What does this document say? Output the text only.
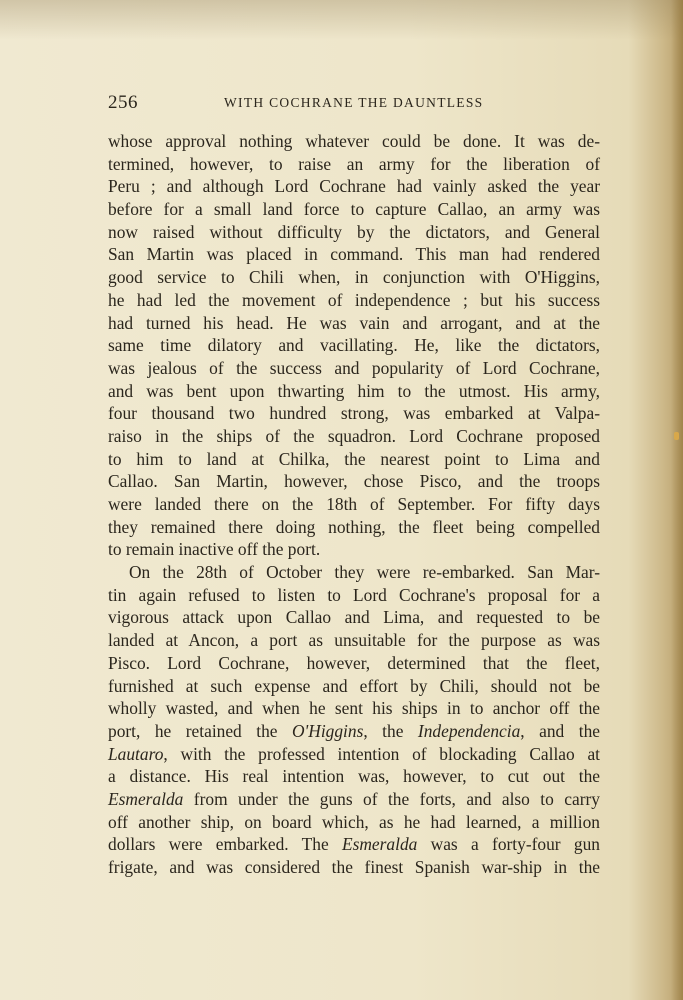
256	WITH COCHRANE THE DAUNTLESS
whose approval nothing whatever could be done. It was de-
termined, however, to raise an army for the liberation of
Peru ; and although Lord Cochrane had vainly asked the year
before for a small land force to capture Callao, an army was
now raised without difficulty by the dictators, and General
San Martin was placed in command. This man had rendered
good service to Chili when, in conjunction with O'Higgins,
he had led the movement of independence ; but his success
had turned his head. He was vain and arrogant, and at the
same time dilatory and vacillating. He, like the dictators,
was jealous of the success and popularity of Lord Cochrane,
and was bent upon thwarting him to the utmost. His army,
four thousand two hundred strong, was embarked at Valpa-
raiso in the ships of the squadron. Lord Cochrane proposed
to him to land at Chilka, the nearest point to Lima and
Callao. San Martin, however, chose Pisco, and the troops
were landed there on the 18th of September. For fifty days
they remained there doing nothing, the fleet being compelled
to remain inactive off the port.
On the 28th of October they were re-embarked. San Mar-
tin again refused to listen to Lord Cochrane's proposal for a
vigorous attack upon Callao and Lima, and requested to be
landed at Ancon, a port as unsuitable for the purpose as was
Pisco. Lord Cochrane, however, determined that the fleet,
furnished at such expense and effort by Chili, should not be
wholly wasted, and when he sent his ships in to anchor off the
port, he retained the O'Higgins, the Independencia, and the
Lautaro, with the professed intention of blockading Callao at
a distance. His real intention was, however, to cut out the
Esmeralda from under the guns of the forts, and also to carry
off another ship, on board which, as he had learned, a million
dollars were embarked. The Esmeralda was a forty-four gun
frigate, and was considered the finest Spanish war-ship in the
